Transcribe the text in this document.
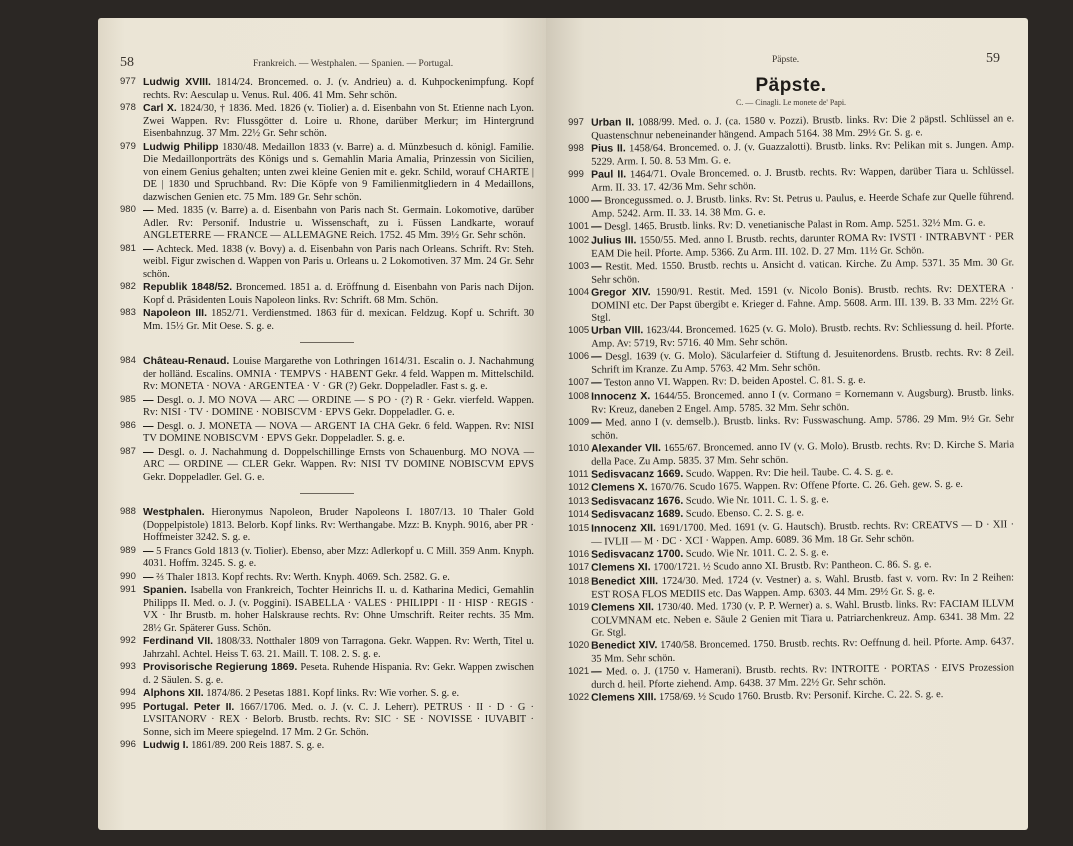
58	Frankreich. — Westphalen. — Spanien. — Portugal.
977 Ludwig XVIII. 1814/24. Broncemed. o. J. (v. Andrieu) a. d. Kuhpockenimpfung. Kopf rechts. Rv: Aesculap u. Venus. Rul. 406. 41 Mm. Sehr schön.
978 Carl X. 1824/30, † 1836. Med. 1826 (v. Tiolier) a. d. Eisenbahn von St. Etienne nach Lyon. Zwei Wappen. Rv: Flussgötter d. Loire u. Rhone, darüber Merkur; im Hintergrund Eisenbahnzug. 37 Mm. 22½ Gr. Sehr schön.
979 Ludwig Philipp 1830/48. Medaillon 1833 (v. Barre) a. d. Münzbesuch d. königl. Familie. Die Medaillonporträts des Königs und s. Gemahlin Maria Amalia, Prinzessin von Sicilien, von einem Genius gehalten; unten zwei kleine Genien mit e. gekr. Schild, worauf CHARTE | DE | 1830 und Spruchband. Rv: Die Köpfe von 9 Familienmitgliedern in 4 Medaillons, dazwischen Genien etc. 75 Mm. 189 Gr. Sehr schön.
980 — Med. 1835 (v. Barre) a. d. Eisenbahn von Paris nach St. Germain. Lokomotive, darüber Adler. Rv: Personif. Industrie u. Wissenschaft, zu i. Füssen Landkarte, worauf ANGLETERRE — FRANCE — ALLEMAGNE Reich. 1752. 45 Mm. 39½ Gr. Sehr schön.
981 — Achteck. Med. 1838 (v. Bovy) a. d. Eisenbahn von Paris nach Orleans. Schrift. Rv: Steh. weibl. Figur zwischen d. Wappen von Paris u. Orleans u. 2 Lokomotiven. 37 Mm. 24 Gr. Sehr schön.
982 Republik 1848/52. Broncemed. 1851 a. d. Eröffnung d. Eisenbahn von Paris nach Dijon. Kopf d. Präsidenten Louis Napoleon links. Rv: Schrift. 68 Mm. Schön.
983 Napoleon III. 1852/71. Verdienstmed. 1863 für d. mexican. Feldzug. Kopf u. Schrift. 30 Mm. 15½ Gr. Mit Oese. S. g. e.
984 Château-Renaud. Louise Margarethe von Lothringen 1614/31. Escalin o. J. Nachahmung der holländ. Escalins. OMNIA · TEMPVS · HABENT Gekr. 4 feld. Wappen m. Mittelschild. Rv: MONETA · NOVA · ARGENTEA · V · GR (?) Gekr. Doppeladler. Fast s. g. e.
985 — Desgl. o. J. MO NOVA — ARC — ORDINE — S PO · (?) R · Gekr. vierfeld. Wappen. Rv: NISI · TV · DOMINE · NOBISCVM · EPVS Gekr. Doppeladler. G. e.
986 — Desgl. o. J. MONETA — NOVA — ARGENT IA CHA Gekr. 6 feld. Wappen. Rv: NISI TV DOMINE NOBISCVM · EPVS Gekr. Doppeladler. S. g. e.
987 — Desgl. o. J. Nachahmung d. Doppelschillinge Ernsts von Schauenburg. MO NOVA — ARC — ORDINE — CLER Gekr. Wappen. Rv: NISI TV DOMINE NOBISCVM EPVS Gekr. Doppeladler. Gel. G. e.
988 Westphalen. Hieronymus Napoleon, Bruder Napoleons I. 1807/13. 10 Thaler Gold (Doppelpistole) 1813. Belorb. Kopf links. Rv: Werthangabe. Mzz: B. Knyph. 9016, aber PR · Hoffmeister 3242. S. g. e.
989 — 5 Francs Gold 1813 (v. Tiolier). Ebenso, aber Mzz: Adlerkopf u. C Mill. 359 Anm. Knyph. 4031. Hoffm. 3245. S. g. e.
990 — ⅔ Thaler 1813. Kopf rechts. Rv: Werth. Knyph. 4069. Sch. 2582. G. e.
991 Spanien. Isabella von Frankreich, Tochter Heinrichs II. u. d. Katharina Medici, Gemahlin Philipps II. Med. o. J. (v. Poggini). ISABELLA · VALES · PHILIPPI · II · HISP · REGIS · VX · Ihr Brustb. m. hoher Halskrause rechts. Rv: Ohne Umschrift. Reiter rechts. 35 Mm. 28½ Gr. Späterer Guss. Schön.
992 Ferdinand VII. 1808/33. Notthaler 1809 von Tarragona. Gekr. Wappen. Rv: Werth, Titel u. Jahrzahl. Achtel. Heiss T. 63. 21. Maill. T. 108. 2. S. g. e.
993 Provisorische Regierung 1869. Peseta. Ruhende Hispania. Rv: Gekr. Wappen zwischen d. 2 Säulen. S. g. e.
994 Alphons XII. 1874/86. 2 Pesetas 1881. Kopf links. Rv: Wie vorher. S. g. e.
995 Portugal. Peter II. 1667/1706. Med. o. J. (v. C. J. Leherr). PETRUS · II · D · G · LVSITANORV · REX · Belorb. Brustb. rechts. Rv: SIC · SE · NOVISSE · IUVABIT · Sonne, sich im Meere spiegelnd. 17 Mm. 2 Gr. Schön.
996 Ludwig I. 1861/89. 200 Reis 1887. S. g. e.
Päpste.	59
Päpste.
C. — Cinagli. Le monete de' Papi.
997 Urban II. 1088/99. Med. o. J. (ca. 1580 v. Pozzi). Brustb. links. Rv: Die 2 päpstl. Schlüssel an e. Quastenschnur nebeneinander hängend. Ampach 5164. 38 Mm. 29½ Gr. S. g. e.
998 Pius II. 1458/64. Broncemed. o. J. (v. Guazzalotti). Brustb. links. Rv: Pelikan mit s. Jungen. Amp. 5229. Arm. I. 50. 8. 53 Mm. G. e.
999 Paul II. 1464/71. Ovale Broncemed. o. J. Brustb. rechts. Rv: Wappen, darüber Tiara u. Schlüssel. Arm. II. 33. 17. 42/36 Mm. Sehr schön.
1000 — Broncegussmed. o. J. Brustb. links. Rv: St. Petrus u. Paulus, e. Heerde Schafe zur Quelle führend. Amp. 5242. Arm. II. 33. 14. 38 Mm. G. e.
1001 — Desgl. 1465. Brustb. links. Rv: D. venetianische Palast in Rom. Amp. 5251. 32½ Mm. G. e.
1002 Julius III. 1550/55. Med. anno I. Brustb. rechts, darunter ROMA Rv: IVSTI · INTRABVNT · PER EAM Die heil. Pforte. Amp. 5366. Zu Arm. III. 102. D. 27 Mm. 11½ Gr. Schön.
1003 — Restit. Med. 1550. Brustb. rechts u. Ansicht d. vatican. Kirche. Zu Amp. 5371. 35 Mm. 30 Gr. Sehr schön.
1004 Gregor XIV. 1590/91. Restit. Med. 1591 (v. Nicolo Bonis). Brustb. rechts. Rv: DEXTERA · DOMINI etc. Der Papst übergibt e. Krieger d. Fahne. Amp. 5608. Arm. III. 139. B. 33 Mm. 22½ Gr. Stgl.
1005 Urban VIII. 1623/44. Broncemed. 1625 (v. G. Molo). Brustb. rechts. Rv: Schliessung d. heil. Pforte. Amp. Av: 5719, Rv: 5716. 40 Mm. Sehr schön.
1006 — Desgl. 1639 (v. G. Molo). Säcularfeier d. Stiftung d. Jesuitenordens. Brustb. rechts. Rv: 8 Zeil. Schrift im Kranze. Zu Amp. 5763. 42 Mm. Sehr schön.
1007 — Teston anno VI. Wappen. Rv: D. beiden Apostel. C. 81. S. g. e.
1008 Innocenz X. 1644/55. Broncemed. anno I (v. Cormano = Kornemann v. Augsburg). Brustb. links. Rv: Kreuz, daneben 2 Engel. Amp. 5785. 32 Mm. Sehr schön.
1009 — Med. anno I (v. demselb.). Brustb. links. Rv: Fusswaschung. Amp. 5786. 29 Mm. 9½ Gr. Sehr schön.
1010 Alexander VII. 1655/67. Broncemed. anno IV (v. G. Molo). Brustb. rechts. Rv: D. Kirche S. Maria della Pace. Zu Amp. 5835. 37 Mm. Sehr schön.
1011 Sedisvacanz 1669. Scudo. Wappen. Rv: Die heil. Taube. C. 4. S. g. e.
1012 Clemens X. 1670/76. Scudo 1675. Wappen. Rv: Offene Pforte. C. 26. Geh. gew. S. g. e.
1013 Sedisvacanz 1676. Scudo. Wie Nr. 1011. C. 1. S. g. e.
1014 Sedisvacanz 1689. Scudo. Ebenso. C. 2. S. g. e.
1015 Innocenz XII. 1691/1700. Med. 1691 (v. G. Hautsch). Brustb. rechts. Rv: CREATVS — D · XII · — IVLII — M · DC · XCI · Wappen. Amp. 6089. 36 Mm. 18 Gr. Sehr schön.
1016 Sedisvacanz 1700. Scudo. Wie Nr. 1011. C. 2. S. g. e.
1017 Clemens XI. 1700/1721. ½ Scudo anno XI. Brustb. Rv: Pantheon. C. 86. S. g. e.
1018 Benedict XIII. 1724/30. Med. 1724 (v. Vestner) a. s. Wahl. Brustb. fast v. vorn. Rv: In 2 Reihen: EST ROSA FLOS MEDIIS etc. Das Wappen. Amp. 6303. 44 Mm. 29½ Gr. S. g. e.
1019 Clemens XII. 1730/40. Med. 1730 (v. P. P. Werner) a. s. Wahl. Brustb. links. Rv: FACIAM ILLVM COLVMNAM etc. Neben e. Säule 2 Genien mit Tiara u. Patriarchenkreuz. Amp. 6341. 38 Mm. 22 Gr. Stgl.
1020 Benedict XIV. 1740/58. Broncemed. 1750. Brustb. rechts. Rv: Oeffnung d. heil. Pforte. Amp. 6437. 35 Mm. Sehr schön.
1021 — Med. o. J. (1750 v. Hamerani). Brustb. rechts. Rv: INTROITE · PORTAS · EIVS Prozession durch d. heil. Pforte ziehend. Amp. 6438. 37 Mm. 22½ Gr. Sehr schön.
1022 Clemens XIII. 1758/69. ½ Scudo 1760. Brustb. Rv: Personif. Kirche. C. 22. S. g. e.
